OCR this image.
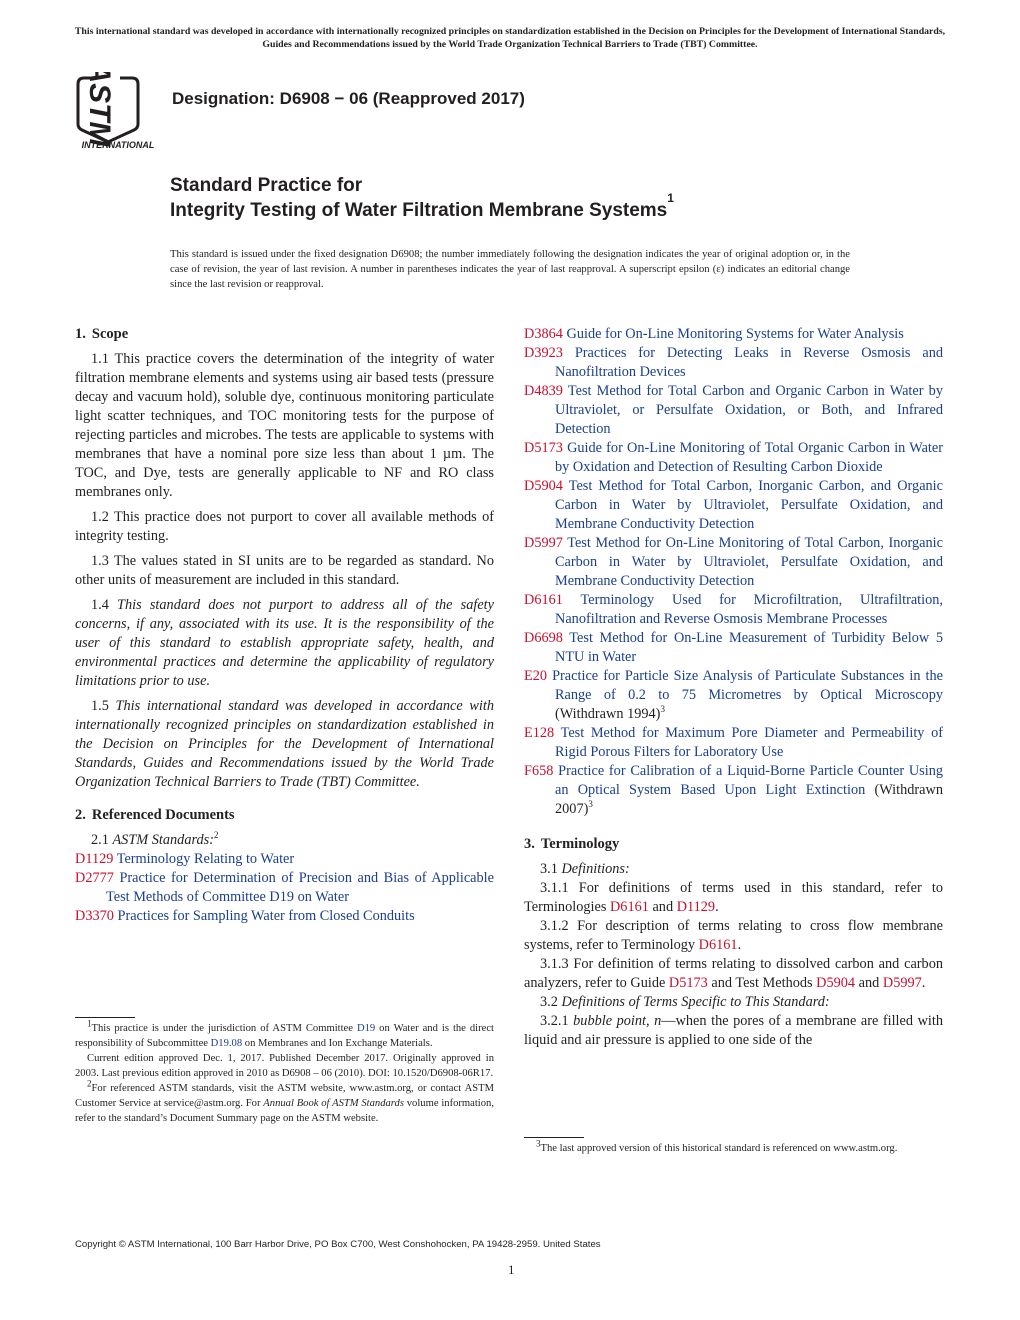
This international standard was developed in accordance with internationally recognized principles on standardization established in the Decision on Principles for the Development of International Standards, Guides and Recommendations issued by the World Trade Organization Technical Barriers to Trade (TBT) Committee.
ASTM
INTERNATIONAL
Designation: D6908 − 06 (Reapproved 2017)
Standard Practice for
Integrity Testing of Water Filtration Membrane Systems$^1$
This standard is issued under the fixed designation D6908; the number immediately following the designation indicates the year of original adoption or, in the case of revision, the year of last revision. A number in parentheses indicates the year of last reapproval. A superscript epsilon (ε) indicates an editorial change since the last revision or reapproval.
1. Scope

1.1 This practice covers the determination of the integrity of water filtration membrane elements and systems using air based tests (pressure decay and vacuum hold), soluble dye, continuous monitoring particulate light scatter techniques, and TOC monitoring tests for the purpose of rejecting particles and microbes. The tests are applicable to systems with membranes that have a nominal pore size less than about 1 µm. The TOC, and Dye, tests are generally applicable to NF and RO class membranes only.

1.2 This practice does not purport to cover all available methods of integrity testing.

1.3 The values stated in SI units are to be regarded as standard. No other units of measurement are included in this standard.

1.4 This standard does not purport to address all of the safety concerns, if any, associated with its use. It is the responsibility of the user of this standard to establish appropriate safety, health, and environmental practices and determine the applicability of regulatory limitations prior to use.

1.5 This international standard was developed in accordance with internationally recognized principles on standardization established in the Decision on Principles for the Development of International Standards, Guides and Recommendations issued by the World Trade Organization Technical Barriers to Trade (TBT) Committee.

2. Referenced Documents

2.1 ASTM Standards:$^2$

D1129 Terminology Relating to Water

D2777 Practice for Determination of Precision and Bias of Applicable Test Methods of Committee D19 on Water

D3370 Practices for Sampling Water from Closed Conduits

$^1$This practice is under the jurisdiction of ASTM Committee D19 on Water and is the direct responsibility of Subcommittee D19.08 on Membranes and Ion Exchange Materials.

Current edition approved Dec. 1, 2017. Published December 2017. Originally approved in 2003. Last previous edition approved in 2010 as D6908 – 06 (2010). DOI: 10.1520/D6908-06R17.

$^2$For referenced ASTM standards, visit the ASTM website, www.astm.org, or contact ASTM Customer Service at service@astm.org. For Annual Book of ASTM Standards volume information, refer to the standard’s Document Summary page on the ASTM website.

D3864 Guide for On-Line Monitoring Systems for Water Analysis

D3923 Practices for Detecting Leaks in Reverse Osmosis and Nanofiltration Devices

D4839 Test Method for Total Carbon and Organic Carbon in Water by Ultraviolet, or Persulfate Oxidation, or Both, and Infrared Detection

D5173 Guide for On-Line Monitoring of Total Organic Carbon in Water by Oxidation and Detection of Resulting Carbon Dioxide

D5904 Test Method for Total Carbon, Inorganic Carbon, and Organic Carbon in Water by Ultraviolet, Persulfate Oxidation, and Membrane Conductivity Detection

D5997 Test Method for On-Line Monitoring of Total Carbon, Inorganic Carbon in Water by Ultraviolet, Persulfate Oxidation, and Membrane Conductivity Detection

D6161 Terminology Used for Microfiltration, Ultrafiltration, Nanofiltration and Reverse Osmosis Membrane Processes

D6698 Test Method for On-Line Measurement of Turbidity Below 5 NTU in Water

E20 Practice for Particle Size Analysis of Particulate Substances in the Range of 0.2 to 75 Micrometres by Optical Microscopy (Withdrawn 1994)$^3$

E128 Test Method for Maximum Pore Diameter and Permeability of Rigid Porous Filters for Laboratory Use

F658 Practice for Calibration of a Liquid-Borne Particle Counter Using an Optical System Based Upon Light Extinction (Withdrawn 2007)$^3$

3. Terminology

3.1 Definitions:

3.1.1 For definitions of terms used in this standard, refer to Terminologies D6161 and D1129.

3.1.2 For description of terms relating to cross flow membrane systems, refer to Terminology D6161.

3.1.3 For definition of terms relating to dissolved carbon and carbon analyzers, refer to Guide D5173 and Test Methods D5904 and D5997.

3.2 Definitions of Terms Specific to This Standard:

3.2.1 bubble point, n—when the pores of a membrane are filled with liquid and air pressure is applied to one side of the

$^3$The last approved version of this historical standard is referenced on www.astm.org.

Copyright © ASTM International, 100 Barr Harbor Drive, PO Box C700, West Conshohocken, PA 19428-2959. United States
1
